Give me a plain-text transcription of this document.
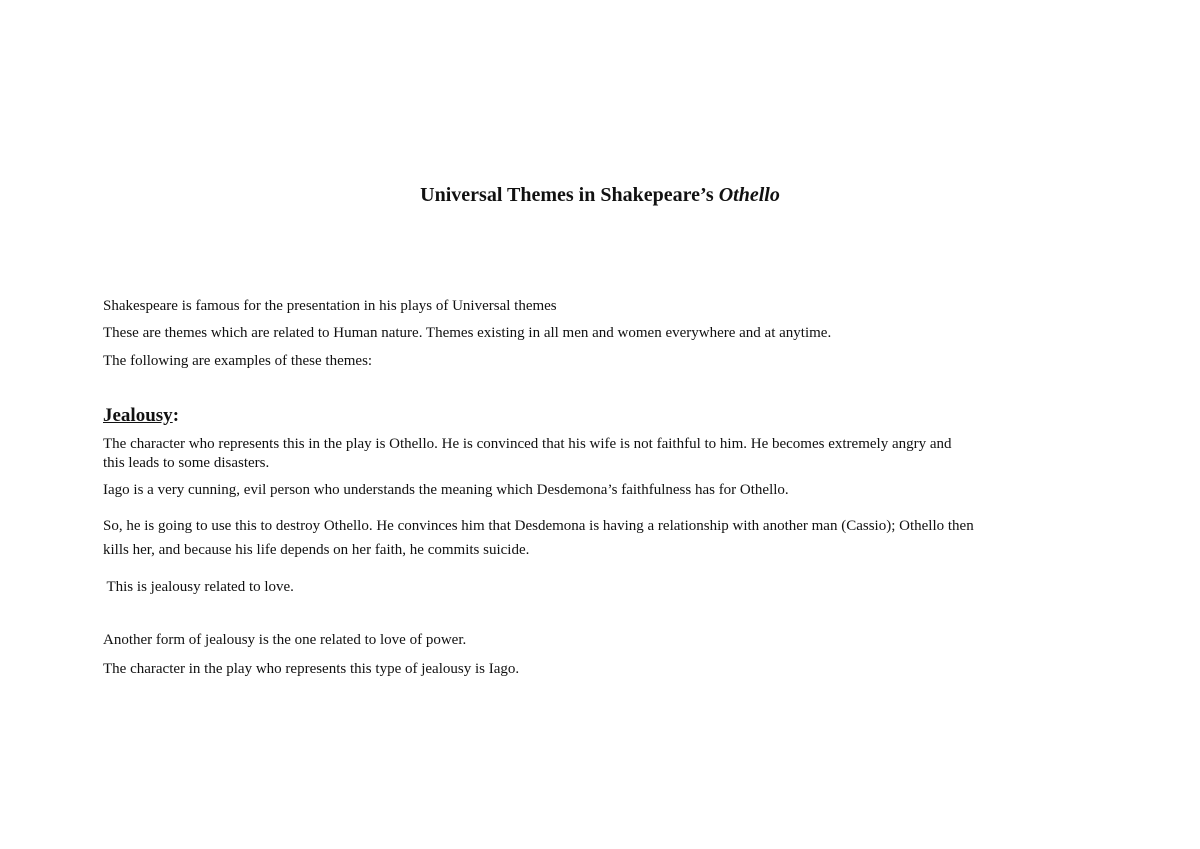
Universal Themes in Shakepeare’s Othello
Shakespeare is famous for the presentation in his plays of Universal themes
These are themes which are related to Human nature. Themes existing in all men and women everywhere and at anytime.
The following are examples of these themes:
Jealousy:
The character who represents this in the play is Othello. He is convinced that his wife is not faithful to him. He becomes extremely angry and
this leads to some disasters.
Iago is a very cunning, evil person who understands the meaning which Desdemona’s faithfulness has for Othello.
So, he is going to use this to destroy Othello. He convinces him that Desdemona is having a relationship with another man (Cassio); Othello then
kills her, and because his life depends on her faith, he commits suicide.
This is jealousy related to love.
Another form of jealousy is the one related to love of power.
The character in the play who represents this type of jealousy is Iago.
